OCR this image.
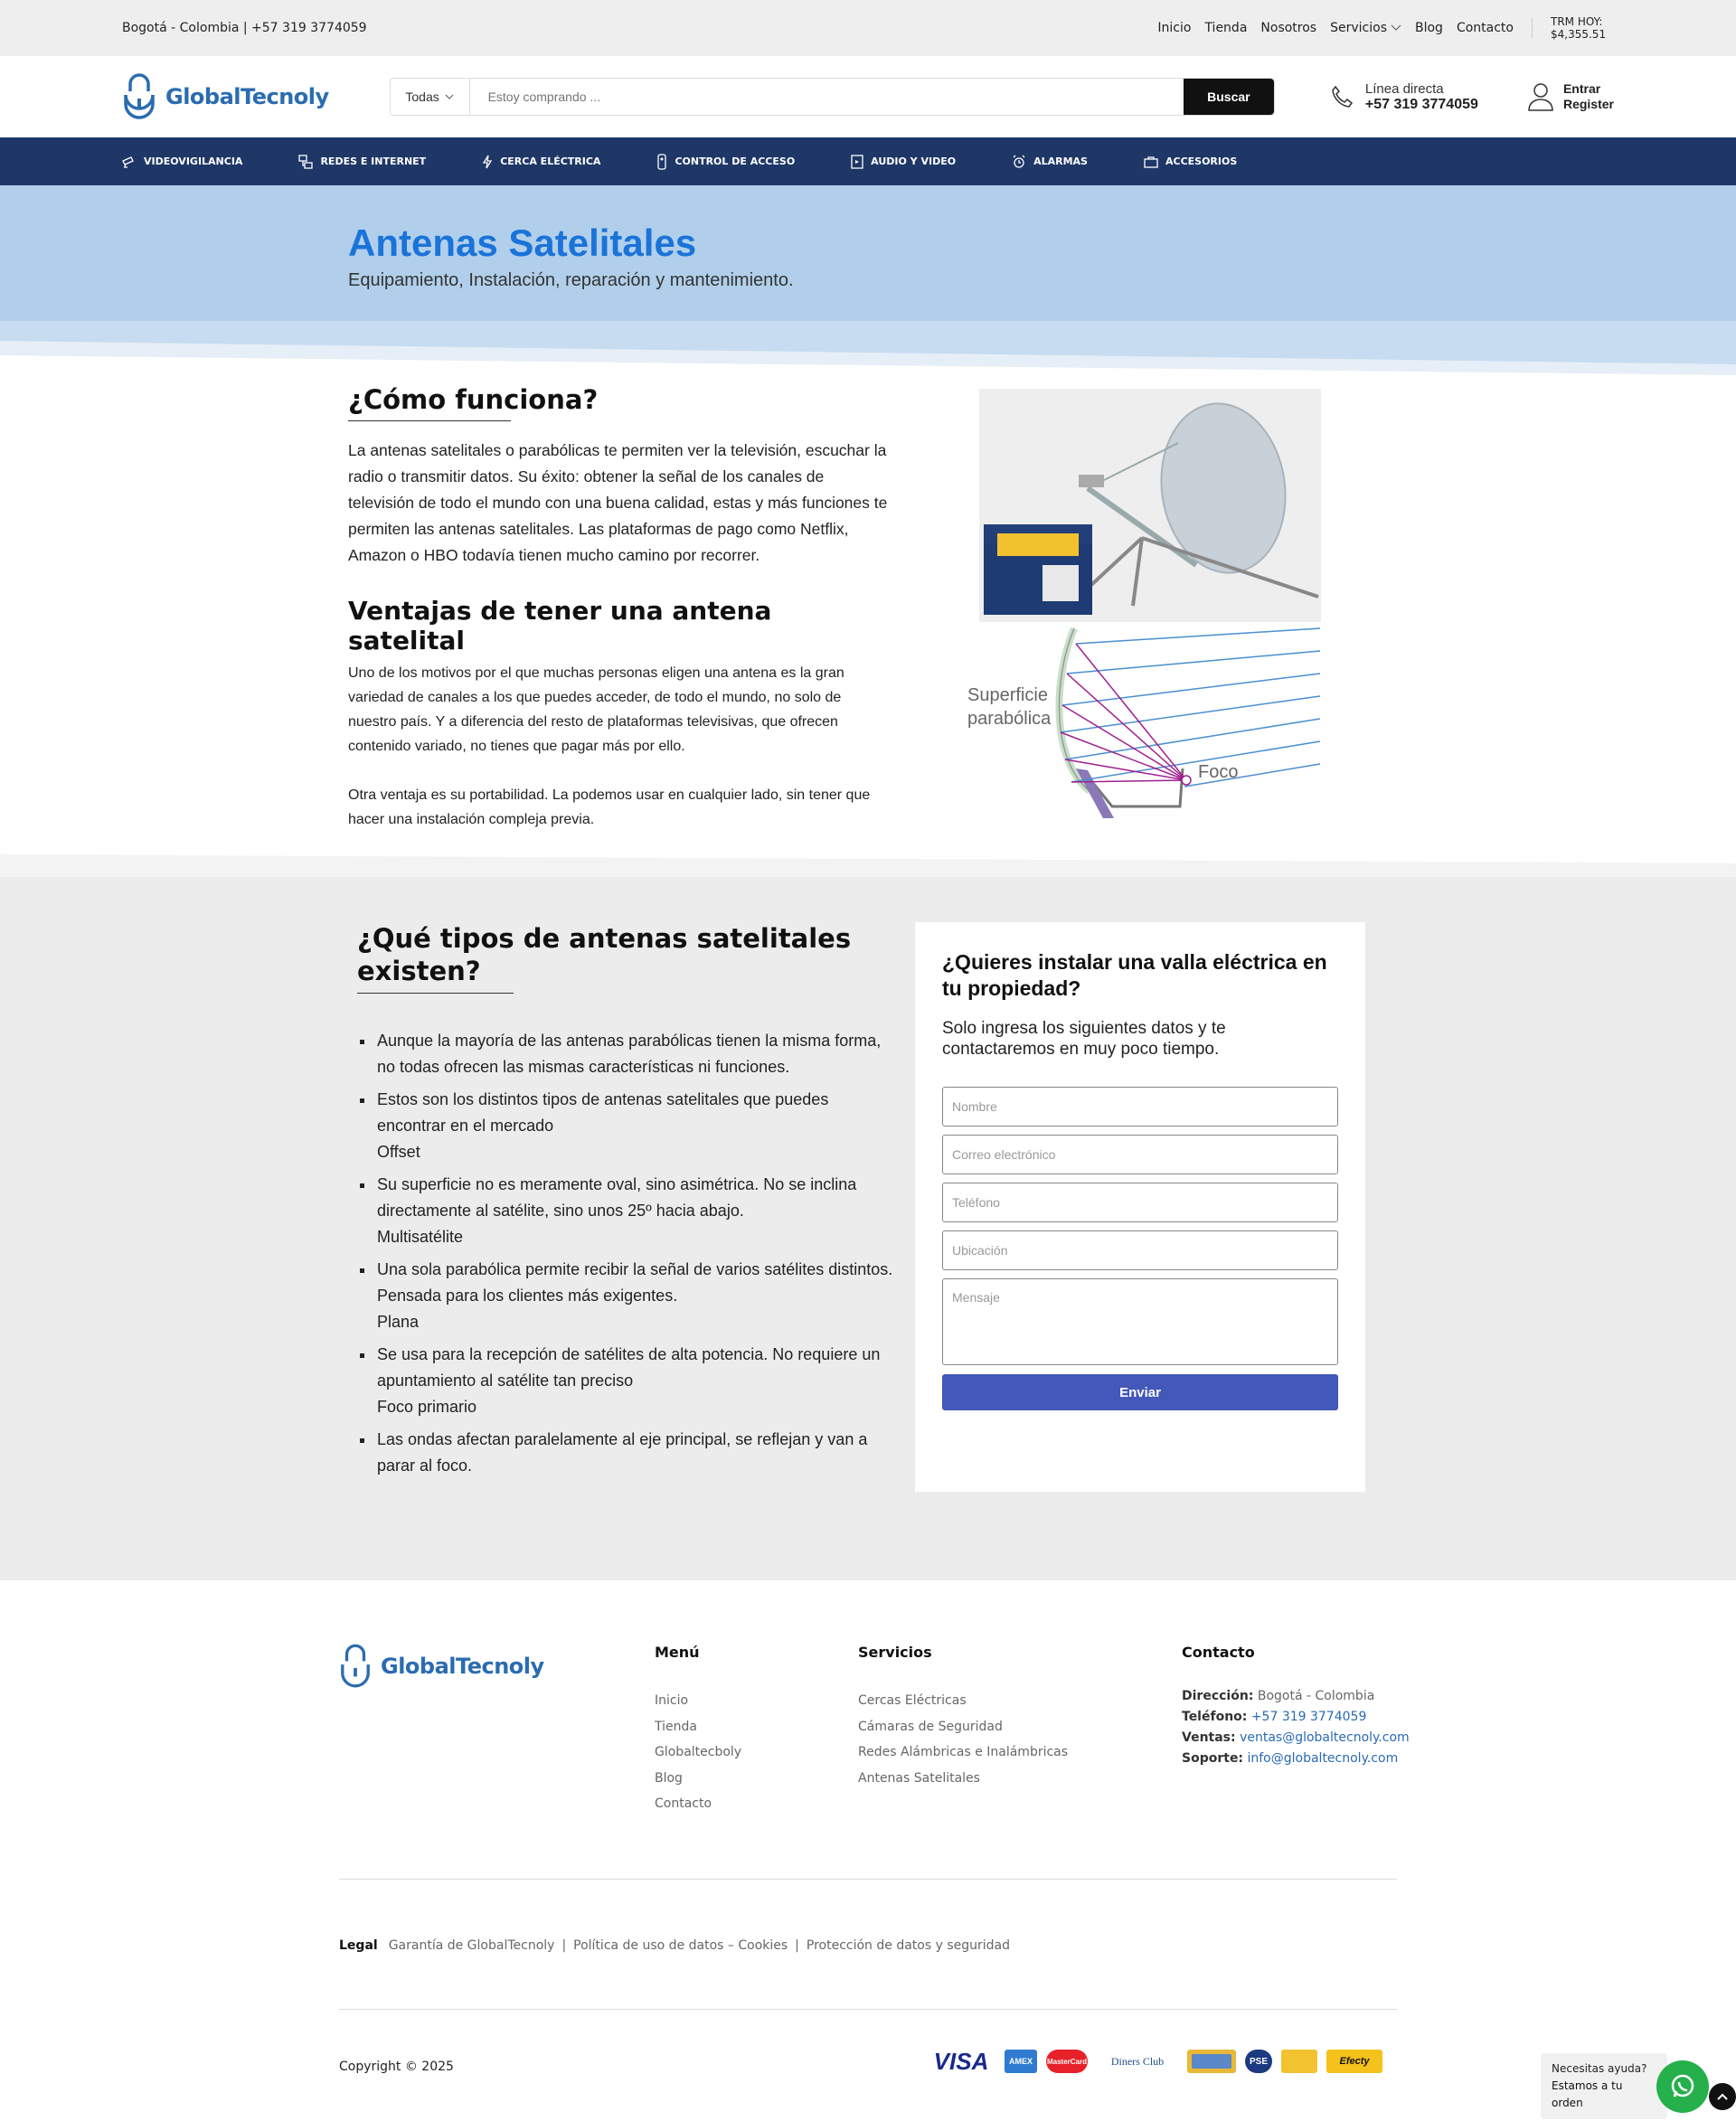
Bogotá - Colombia | +57 319 3774059	Inicio Tienda Nosotros Servicios Blog Contacto	TRM HOY:
$4,355.51
GlobalTecnoly	Todas
Estoy comprando ...	Buscar
Línea directa
+57 319 3774059
Entrar
Register
VIDEOVIGILANCIA	REDES E INTERNET	CERCA ELÉCTRICA	CONTROL DE ACCESO	AUDIO Y VIDEO	ALARMAS	ACCESORIOS
Antenas Satelitales
Equipamiento, Instalación, reparación y mantenimiento.
¿Cómo funciona?

La antenas satelitales o parabólicas te permiten ver la televisión, escuchar la radio o transmitir datos. Su éxito: obtener la señal de los canales de televisión de todo el mundo con una buena calidad, estas y más funciones te permiten las antenas satelitales. Las plataformas de pago como Netflix, Amazon o HBO todavía tienen mucho camino por recorrer.

Ventajas de tener una antena satelital

Uno de los motivos por el que muchas personas eligen una antena es la gran variedad de canales a los que puedes acceder, de todo el mundo, no solo de nuestro país. Y a diferencia del resto de plataformas televisivas, que ofrecen contenido variado, no tienes que pagar más por ello.

Otra ventaja es su portabilidad. La podemos usar en cualquier lado, sin tener que hacer una instalación compleja previa.

Superficie
parabólica
Foco
¿Qué tipos de antenas satelitales
existen?
▪ Aunque la mayoría de las antenas parabólicas tienen la misma forma, no todas ofrecen las mismas características ni funciones.
▪ Estos son los distintos tipos de antenas satelitales que puedes encontrar en el mercado
Offset
▪ Su superficie no es meramente oval, sino asimétrica. No se inclina directamente al satélite, sino unos 25º hacia abajo.
Multisatélite
▪ Una sola parabólica permite recibir la señal de varios satélites distintos. Pensada para los clientes más exigentes.
Plana
▪ Se usa para la recepción de satélites de alta potencia. No requiere un apuntamiento al satélite tan preciso
Foco primario
▪ Las ondas afectan paralelamente al eje principal, se reflejan y van a parar al foco.
¿Quieres instalar una valla eléctrica en tu propiedad?
Solo ingresa los siguientes datos y te contactaremos en muy poco tiempo.
Nombre
Correo electrónico
Teléfono
Ubicación
Mensaje
Enviar
GlobalTecnoly
Menú
Inicio
Tienda
Globaltecboly
Blog
Contacto
Servicios
Cercas Eléctricas
Cámaras de Seguridad
Redes Alámbricas e Inalámbricas
Antenas Satelitales
Contacto
Dirección: Bogotá - Colombia
Teléfono: +57 319 3774059
Ventas: ventas@globaltecnoly.com
Soporte: info@globaltecnoly.com
Legal Garantía de GlobalTecnoly | Política de uso de datos – Cookies | Protección de datos y seguridad
Copyright © 2025	VISA	AMEX	MasterCard	Diners Club	PSE	Efecty
Necesitas ayuda?
Estamos a tu orden
